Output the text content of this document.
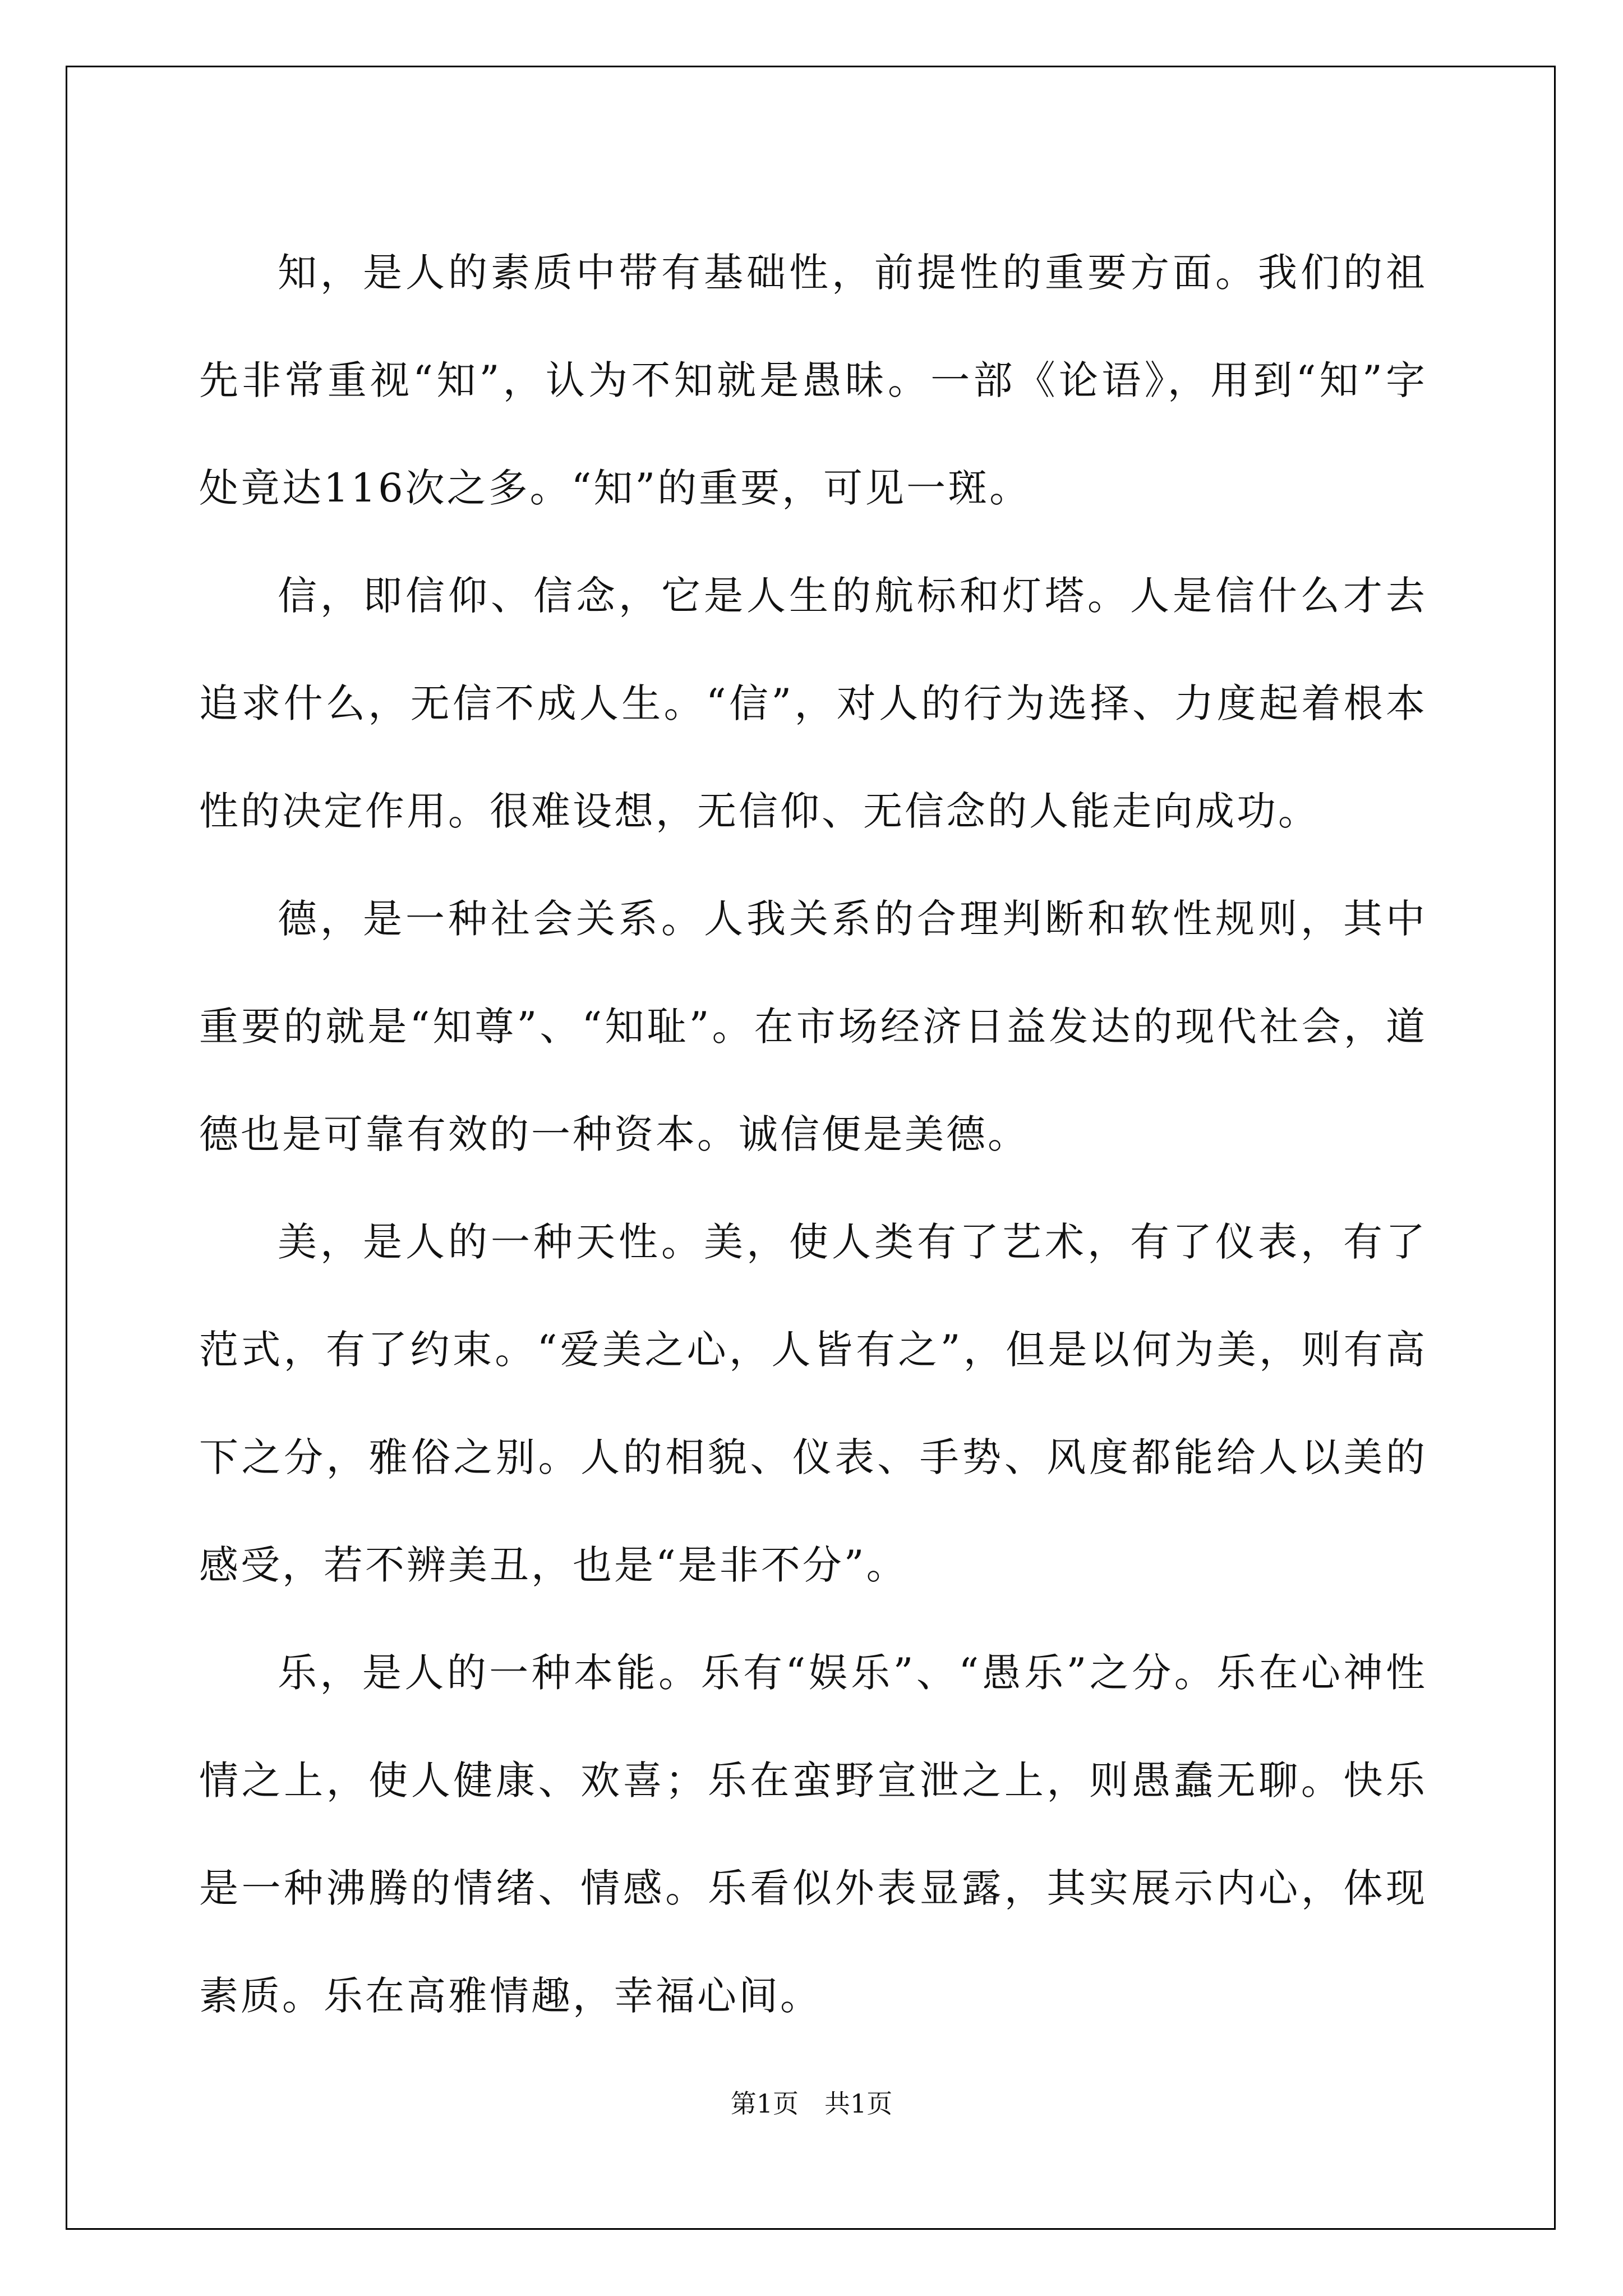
知，是人的素质中带有基础性，前提性的重要方面。我们的祖先非常重视“知”，认为不知就是愚昧。一部《论语》，用到“知”字处竟达116次之多。“知”的重要，可见一斑。

信，即信仰、信念，它是人生的航标和灯塔。人是信什么才去追求什么，无信不成人生。“信”，对人的行为选择、力度起着根本性的决定作用。很难设想，无信仰、无信念的人能走向成功。

德，是一种社会关系。人我关系的合理判断和软性规则，其中重要的就是“知尊”、“知耻”。在市场经济日益发达的现代社会，道德也是可靠有效的一种资本。诚信便是美德。

美，是人的一种天性。美，使人类有了艺术，有了仪表，有了范式，有了约束。“爱美之心，人皆有之”，但是以何为美，则有高下之分，雅俗之别。人的相貌、仪表、手势、风度都能给人以美的感受，若不辨美丑，也是“是非不分”。

乐，是人的一种本能。乐有“娱乐”、“愚乐”之分。乐在心神性情之上，使人健康、欢喜；乐在蛮野宣泄之上，则愚蠢无聊。快乐是一种沸腾的情绪、情感。乐看似外表显露，其实展示内心，体现素质。乐在高雅情趣，幸福心间。

第1页　共1页
